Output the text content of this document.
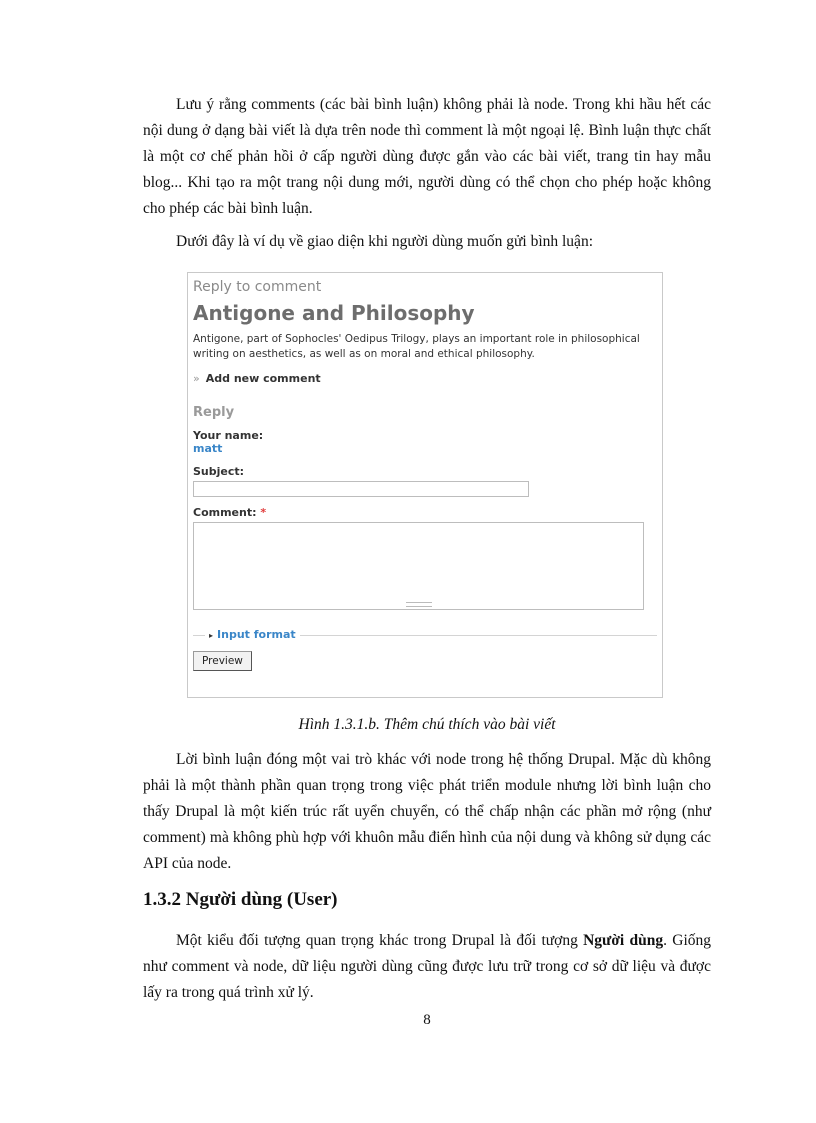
Lưu ý rằng comments (các bài bình luận) không phải là node. Trong khi hầu hết các nội dung ở dạng bài viết là dựa trên node thì comment là một ngoại lệ. Bình luận thực chất là một cơ chế phản hồi ở cấp người dùng được gắn vào các bài viết, trang tin hay mẫu blog... Khi tạo ra một trang nội dung mới, người dùng có thể chọn cho phép hoặc không cho phép các bài bình luận.

Dưới đây là ví dụ về giao diện khi người dùng muốn gửi bình luận:

Reply to comment

Antigone and Philosophy

Antigone, part of Sophocles' Oedipus Trilogy, plays an important role in philosophical writing on aesthetics, as well as on moral and ethical philosophy.

» Add new comment

Reply

Your name:

matt

Subject:

Comment: *

▸ Input format
Preview

Hình 1.3.1.b. Thêm chú thích vào bài viết

Lời bình luận đóng một vai trò khác với node trong hệ thống Drupal. Mặc dù không phải là một thành phần quan trọng trong việc phát triển module nhưng lời bình luận cho thấy Drupal là một kiến trúc rất uyển chuyển, có thể chấp nhận các phần mở rộng (như comment) mà không phù hợp với khuôn mẫu điển hình của nội dung và không sử dụng các API của node.

1.3.2 Người dùng (User)

Một kiểu đối tượng quan trọng khác trong Drupal là đối tượng Người dùng. Giống như comment và node, dữ liệu người dùng cũng được lưu trữ trong cơ sở dữ liệu và được lấy ra trong quá trình xử lý.

8
